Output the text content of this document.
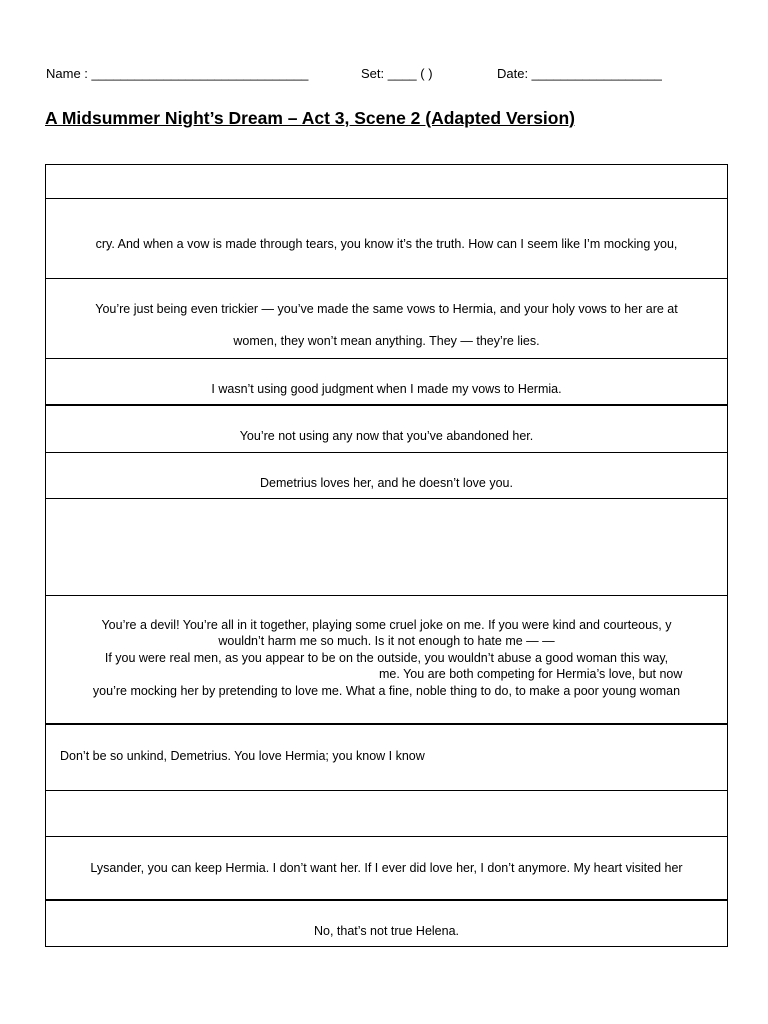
Name : ______________________________	Set: ____ ( )	Date: __________________
A Midsummer Night’s Dream – Act 3, Scene 2 (Adapted Version)
cry. And when a vow is made through tears, you know it’s the truth. How can I seem like I’m mocking you,
You’re just being even trickier — you’ve made the same vows to Hermia, and your holy vows to her are at
women, they won’t mean anything. They — they’re lies.
I wasn’t using good judgment when I made my vows to Hermia.
You’re not using any now that you’ve abandoned her.
Demetrius loves her, and he doesn’t love you.
You’re a devil! You’re all in it together, playing some cruel joke on me. If you were kind and courteous, y
wouldn’t harm me so much. Is it not enough to hate me — —
If you were real men, as you appear to be on the outside, you wouldn’t abuse a good woman this way,
me. You are both competing for Hermia’s love, but now
you’re mocking her by pretending to love me. What a fine, noble thing to do, to make a poor young woman
Don’t be so unkind, Demetrius. You love Hermia; you know I know
Lysander, you can keep Hermia. I don’t want her. If I ever did love her, I don’t anymore. My heart visited her
No, that’s not true Helena.
